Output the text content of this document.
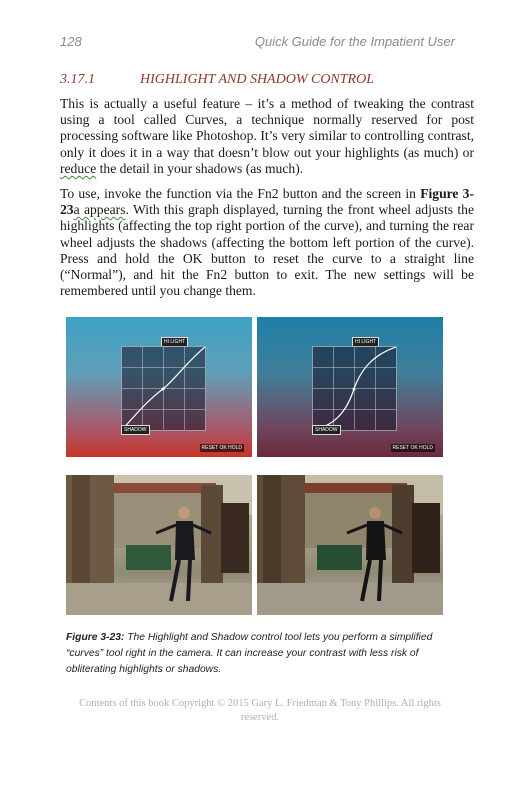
128	Quick Guide for the Impatient User
3.17.1	HIGHLIGHT AND SHADOW CONTROL

This is actually a useful feature – it’s a method of tweaking the contrast using a tool called Curves, a technique normally reserved for post processing software like Photoshop. It’s very similar to controlling contrast, only it does it in a way that doesn’t blow out your highlights (as much) or reduce the detail in your shadows (as much).

To use, invoke the function via the Fn2 button and the screen in Figure 3-23a appears. With this graph displayed, turning the front wheel adjusts the highlights (affecting the top right portion of the curve), and turning the rear wheel adjusts the shadows (affecting the bottom left portion of the curve). Press and hold the OK button to reset the curve to a straight line (“Normal”), and hit the Fn2 button to exit. The new settings will be remembered until you change them.

HI LIGHT
SHADOW
RESET OK HOLD
HI LIGHT
SHADOW
RESET OK HOLD

Figure 3-23: The Highlight and Shadow control tool lets you perform a simplified “curves” tool right in the camera. It can increase your contrast with less risk of obliterating highlights or shadows.

Contents of this book Copyright © 2015 Gary L. Friedman & Tony Phillips. All rights reserved.
